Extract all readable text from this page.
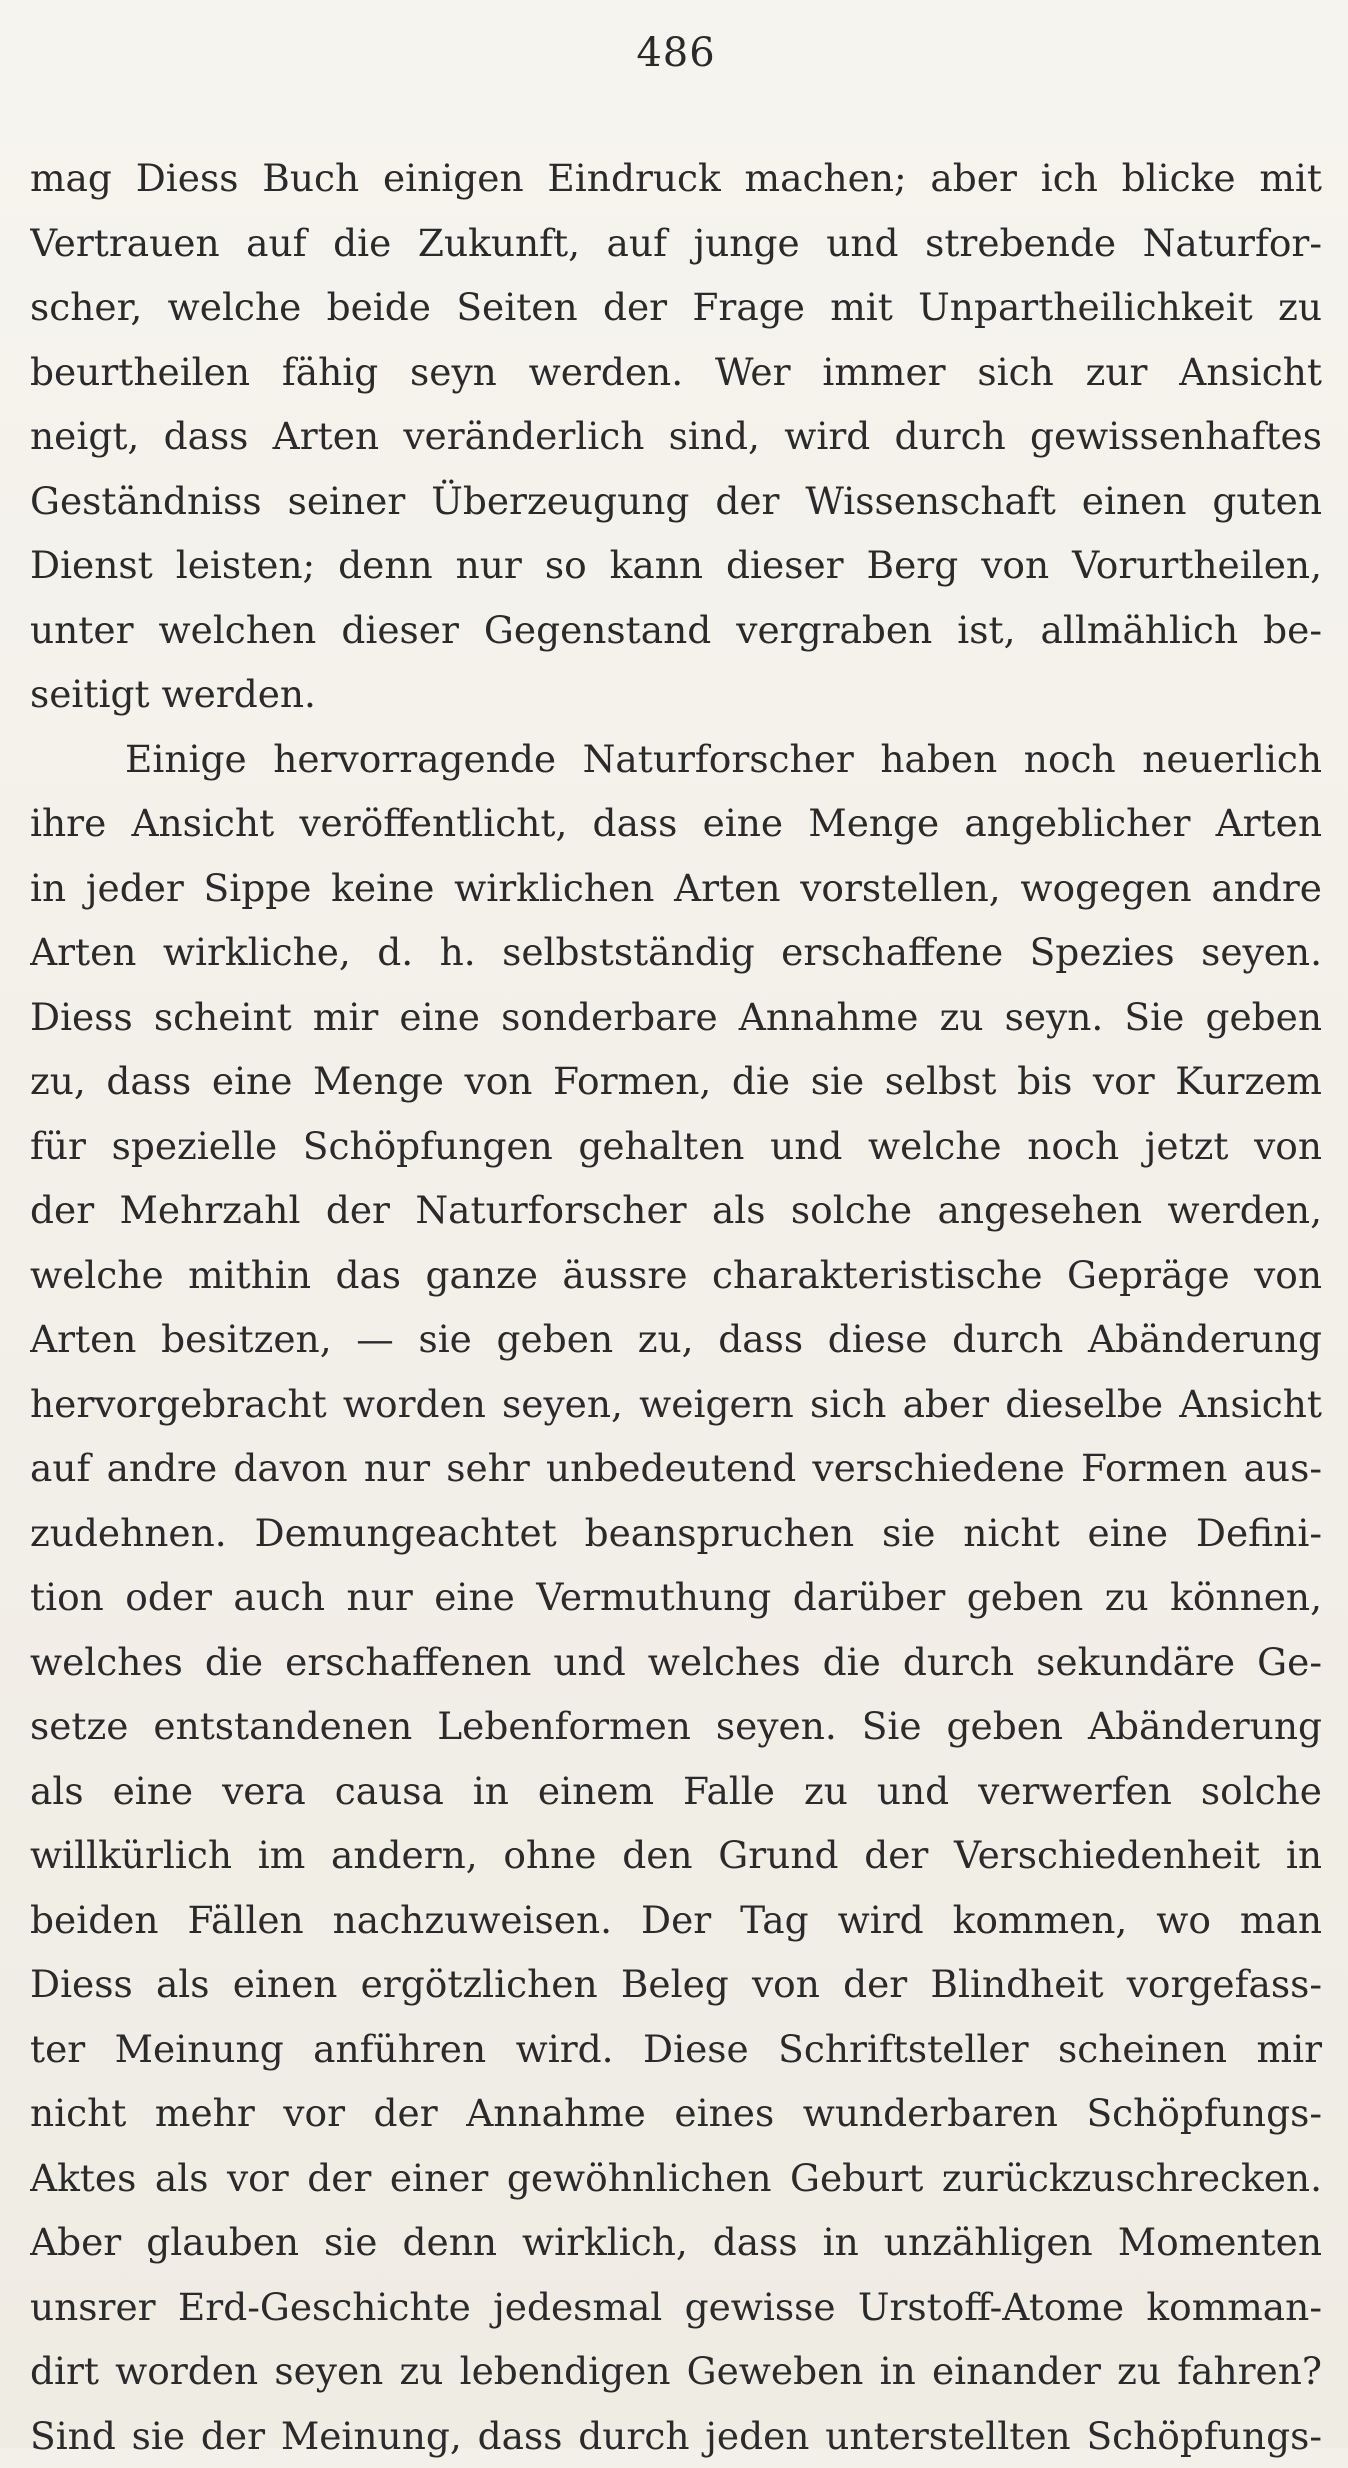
486
mag Diess Buch einigen Eindruck machen; aber ich blicke mit
Vertrauen auf die Zukunft, auf junge und strebende Naturfor-
scher, welche beide Seiten der Frage mit Unpartheilichkeit zu
beurtheilen fähig seyn werden. Wer immer sich zur Ansicht
neigt, dass Arten veränderlich sind, wird durch gewissenhaftes
Geständniss seiner Überzeugung der Wissenschaft einen guten
Dienst leisten; denn nur so kann dieser Berg von Vorurtheilen,
unter welchen dieser Gegenstand vergraben ist, allmählich be-
seitigt werden.
Einige hervorragende Naturforscher haben noch neuerlich
ihre Ansicht veröffentlicht, dass eine Menge angeblicher Arten
in jeder Sippe keine wirklichen Arten vorstellen, wogegen andre
Arten wirkliche, d. h. selbstständig erschaffene Spezies seyen.
Diess scheint mir eine sonderbare Annahme zu seyn. Sie geben
zu, dass eine Menge von Formen, die sie selbst bis vor Kurzem
für spezielle Schöpfungen gehalten und welche noch jetzt von
der Mehrzahl der Naturforscher als solche angesehen werden,
welche mithin das ganze äussre charakteristische Gepräge von
Arten besitzen, — sie geben zu, dass diese durch Abänderung
hervorgebracht worden seyen, weigern sich aber dieselbe Ansicht
auf andre davon nur sehr unbedeutend verschiedene Formen aus-
zudehnen. Demungeachtet beanspruchen sie nicht eine Defini-
tion oder auch nur eine Vermuthung darüber geben zu können,
welches die erschaffenen und welches die durch sekundäre Ge-
setze entstandenen Lebenformen seyen. Sie geben Abänderung
als eine vera causa in einem Falle zu und verwerfen solche
willkürlich im andern, ohne den Grund der Verschiedenheit in
beiden Fällen nachzuweisen. Der Tag wird kommen, wo man
Diess als einen ergötzlichen Beleg von der Blindheit vorgefass-
ter Meinung anführen wird. Diese Schriftsteller scheinen mir
nicht mehr vor der Annahme eines wunderbaren Schöpfungs-
Aktes als vor der einer gewöhnlichen Geburt zurückzuschrecken.
Aber glauben sie denn wirklich, dass in unzähligen Momenten
unsrer Erd-Geschichte jedesmal gewisse Urstoff-Atome komman-
dirt worden seyen zu lebendigen Geweben in einander zu fahren?
Sind sie der Meinung, dass durch jeden unterstellten Schöpfungs-
